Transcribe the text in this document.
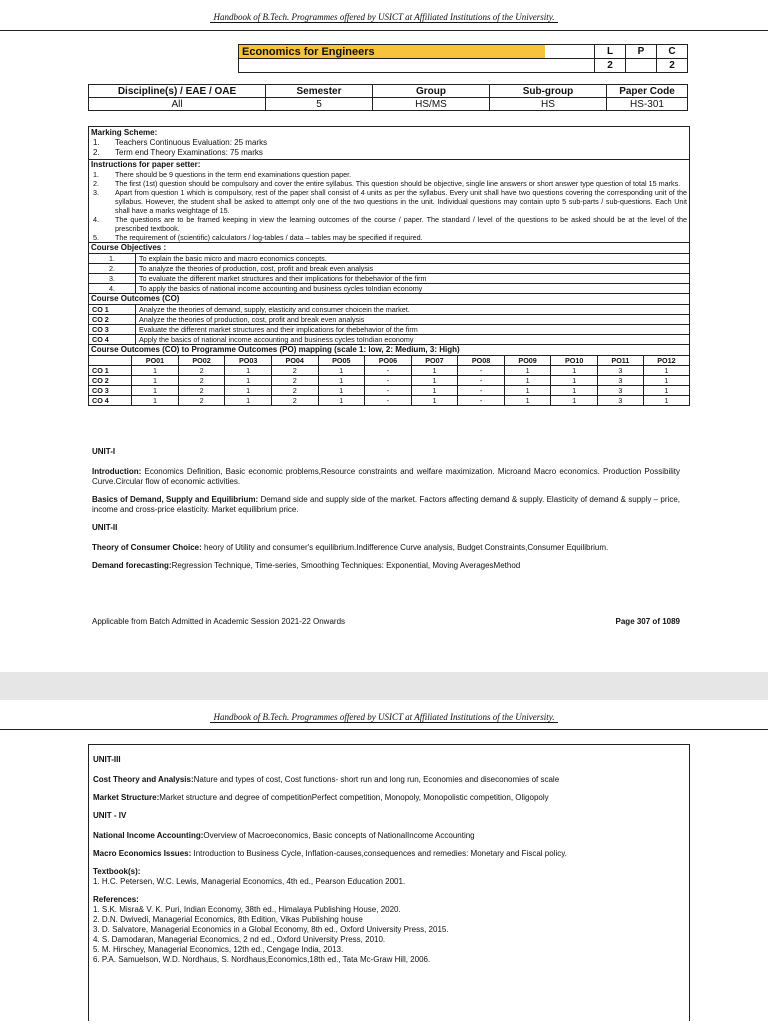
Handbook of B.Tech. Programmes offered by USICT at Affiliated Institutions of the University.
	Economics for Engineers		L	P	C
			2		2
Discipline(s) / EAE / OAE	Semester	Group	Sub-group	Paper Code
All	5	HS/MS	HS	HS-301
Marking Scheme:
1.	Teachers Continuous Evaluation: 25 marks
2.	Term end Theory Examinations: 75 marks
Instructions for paper setter:
1.	There should be 9 questions in the term end examinations question paper.
2.	The first (1st) question should be compulsory and cover the entire syllabus. This question should be objective, single line answers or short answer type question of total 15 marks.
3.	Apart from question 1 which is compulsory, rest of the paper shall consist of 4 units as per the syllabus. Every unit shall have two questions covering the corresponding unit of the syllabus. However, the student shall be asked to attempt only one of the two questions in the unit. Individual questions may contain upto 5 sub-parts / sub-questions. Each Unit shall have a marks weightage of 15.
4.	The questions are to be framed keeping in view the learning outcomes of the course / paper. The standard / level of the questions to be asked should be at the level of the prescribed textbook.
5.	The requirement of (scientific) calculators / log-tables / data – tables may be specified if required.
Course Objectives :
1.	To explain the basic micro and macro economics concepts.
2.	To analyze the theories of production, cost, profit and break even analysis
3.	To evaluate the different market structures and their implications for thebehavior of the firm
4.	To apply the basics of national income accounting and business cycles toIndian economy
Course Outcomes (CO)
CO 1	Analyze the theories of demand, supply, elasticity and consumer choicein the market.
CO 2	Analyze the theories of production, cost, profit and break even analysis
CO 3	Evaluate the different market structures and their implications for thebehavior of the firm
CO 4	Apply the basics of national income accounting and business cycles toIndian economy
Course Outcomes (CO) to Programme Outcomes (PO) mapping (scale 1: low, 2: Medium, 3: High)
	PO01	PO02	PO03	PO04	PO05	PO06	PO07	PO08	PO09	PO10	PO11	PO12
CO 1	1	2	1	2	1	-	1	-	1	1	3	1
CO 2	1	2	1	2	1	-	1	-	1	1	3	1
CO 3	1	2	1	2	1	-	1	-	1	1	3	1
CO 4	1	2	1	2	1	-	1	-	1	1	3	1
UNIT-I

Introduction: Economics Definition, Basic economic problems,Resource constraints and welfare maximization. Microand Macro economics. Production Possibility Curve.Circular flow of economic activities.

Basics of Demand, Supply and Equilibrium: Demand side and supply side of the market. Factors affecting demand & supply. Elasticity of demand & supply – price, income and cross-price elasticity. Market equilibrium price.

UNIT-II

Theory of Consumer Choice: heory of Utility and consumer's equilibrium.Indifference Curve analysis, Budget Constraints,Consumer Equilibrium.

Demand forecasting:Regression Technique, Time-series, Smoothing Techniques: Exponential, Moving AveragesMethod

Applicable from Batch Admitted in Academic Session 2021-22 Onwards	Page 307 of 1089
Handbook of B.Tech. Programmes offered by USICT at Affiliated Institutions of the University.
UNIT-III

Cost Theory and Analysis:Nature and types of cost, Cost functions- short run and long run, Economies and diseconomies of scale

Market Structure:Market structure and degree of competitionPerfect competition, Monopoly, Monopolistic competition, Oligopoly

UNIT - IV

National Income Accounting:Overview of Macroeconomics, Basic concepts of NationalIncome Accounting

Macro Economics Issues: Introduction to Business Cycle, Inflation-causes,consequences and remedies: Monetary and Fiscal policy.

Textbook(s):

1. H.C. Petersen, W.C. Lewis, Managerial Economics, 4th ed., Pearson Education 2001.

References:

1. S.K. Misra& V. K. Puri, Indian Economy, 38th ed., Himalaya Publishing House, 2020.

2. D.N. Dwivedi, Managerial Economics, 8th Edition, Vikas Publishing house

3. D. Salvatore, Managerial Economics in a Global Economy, 8th ed., Oxford University Press, 2015.

4. S. Damodaran, Managerial Economics, 2 nd ed., Oxford University Press, 2010.

5. M. Hirschey, Managerial Economics, 12th ed., Cengage India, 2013.

6. P.A. Samuelson, W.D. Nordhaus, S. Nordhaus,Economics,18th ed., Tata Mc-Graw Hill, 2006.
